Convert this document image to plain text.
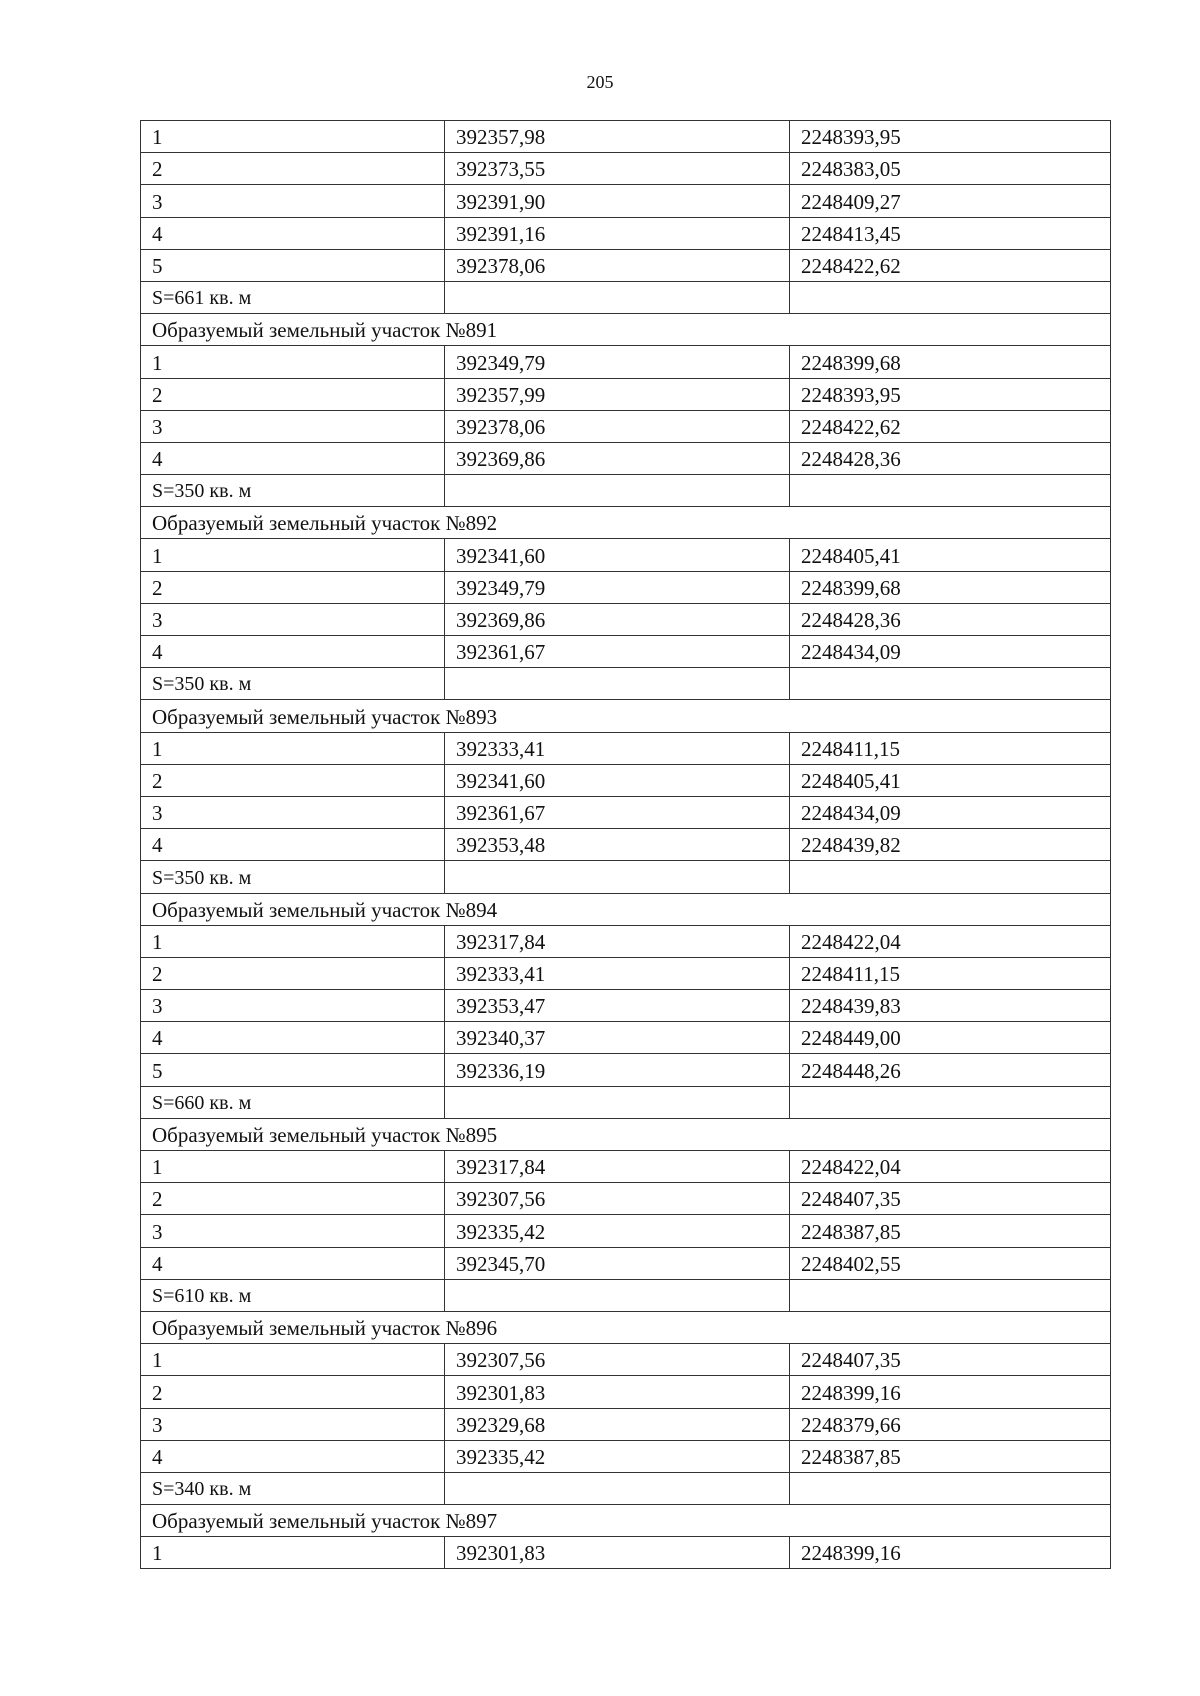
205
1	392357,98	2248393,95
2	392373,55	2248383,05
3	392391,90	2248409,27
4	392391,16	2248413,45
5	392378,06	2248422,62
S=661 кв. м		
Образуемый земельный участок №891		
1	392349,79	2248399,68
2	392357,99	2248393,95
3	392378,06	2248422,62
4	392369,86	2248428,36
S=350 кв. м		
Образуемый земельный участок №892		
1	392341,60	2248405,41
2	392349,79	2248399,68
3	392369,86	2248428,36
4	392361,67	2248434,09
S=350 кв. м		
Образуемый земельный участок №893		
1	392333,41	2248411,15
2	392341,60	2248405,41
3	392361,67	2248434,09
4	392353,48	2248439,82
S=350 кв. м		
Образуемый земельный участок №894		
1	392317,84	2248422,04
2	392333,41	2248411,15
3	392353,47	2248439,83
4	392340,37	2248449,00
5	392336,19	2248448,26
S=660 кв. м		
Образуемый земельный участок №895		
1	392317,84	2248422,04
2	392307,56	2248407,35
3	392335,42	2248387,85
4	392345,70	2248402,55
S=610 кв. м		
Образуемый земельный участок №896		
1	392307,56	2248407,35
2	392301,83	2248399,16
3	392329,68	2248379,66
4	392335,42	2248387,85
S=340 кв. м		
Образуемый земельный участок №897		
1	392301,83	2248399,16
